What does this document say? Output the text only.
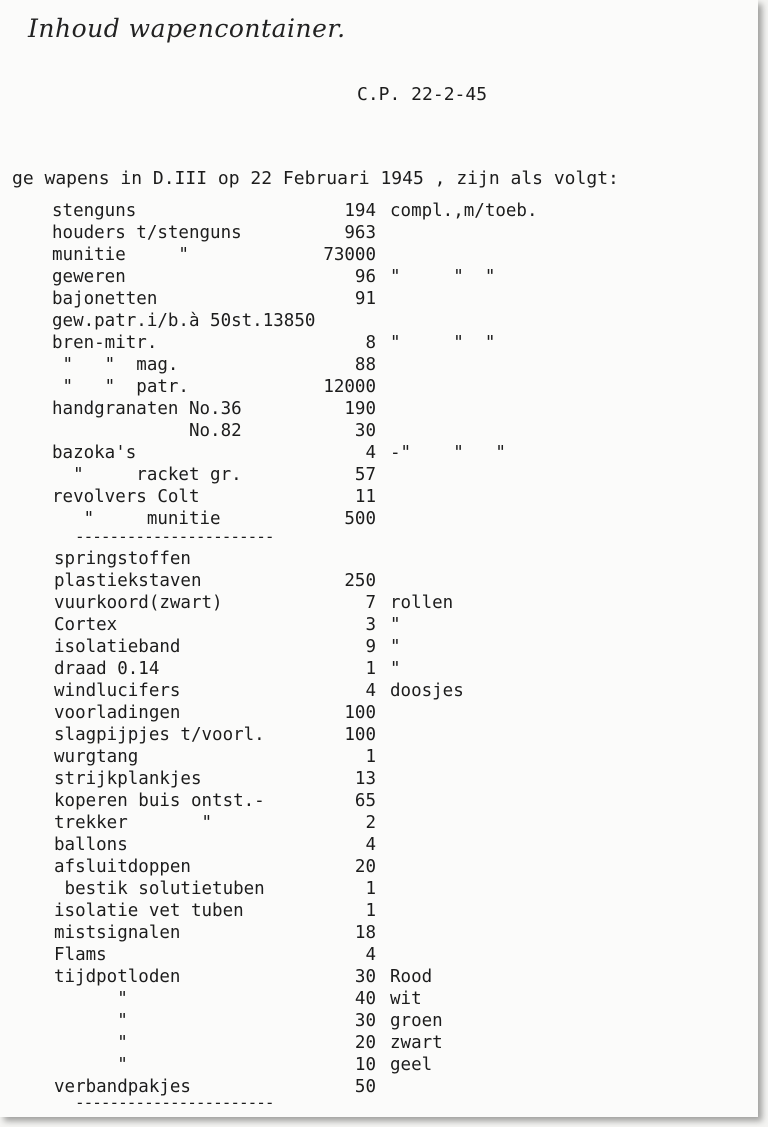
Inhoud wapencontainer.
C.P. 22-2-45
ge wapens in D.III op 22 Februari 1945 , zijn als volgt:
stenguns	194 compl.,m/toeb.
houders t/stenguns	963
munitie     "	73000
geweren	96 "     "  "
bajonetten	91
gew.patr.i/b.à 50st.13850
bren-mitr.	8 "     "  "
"   "  mag.	88
"   "  patr.	12000
handgranaten No.36	190
No.82	30
bazoka's	4 -"    "   "
"     racket gr.	57
revolvers Colt	11
"     munitie	500
springstoffen
plastiekstaven	250
vuurkoord(zwart)	7 rollen
Cortex	3 "
isolatieband	9 "
draad 0.14	1 "
windlucifers	4 doosjes
voorladingen	100
slagpijpjes t/voorl.	100
wurgtang	1
strijkplankjes	13
koperen buis ontst.-	65
trekker       "	2
ballons	4
afsluitdoppen	20
bestik solutietuben	1
isolatie vet tuben	1
mistsignalen	18
Flams	4
tijdpotloden	30 Rood
"	40 wit
"	30 groen
"	20 zwart
"	10 geel
verbandpakjes	50
-----------------------
-----------------------
